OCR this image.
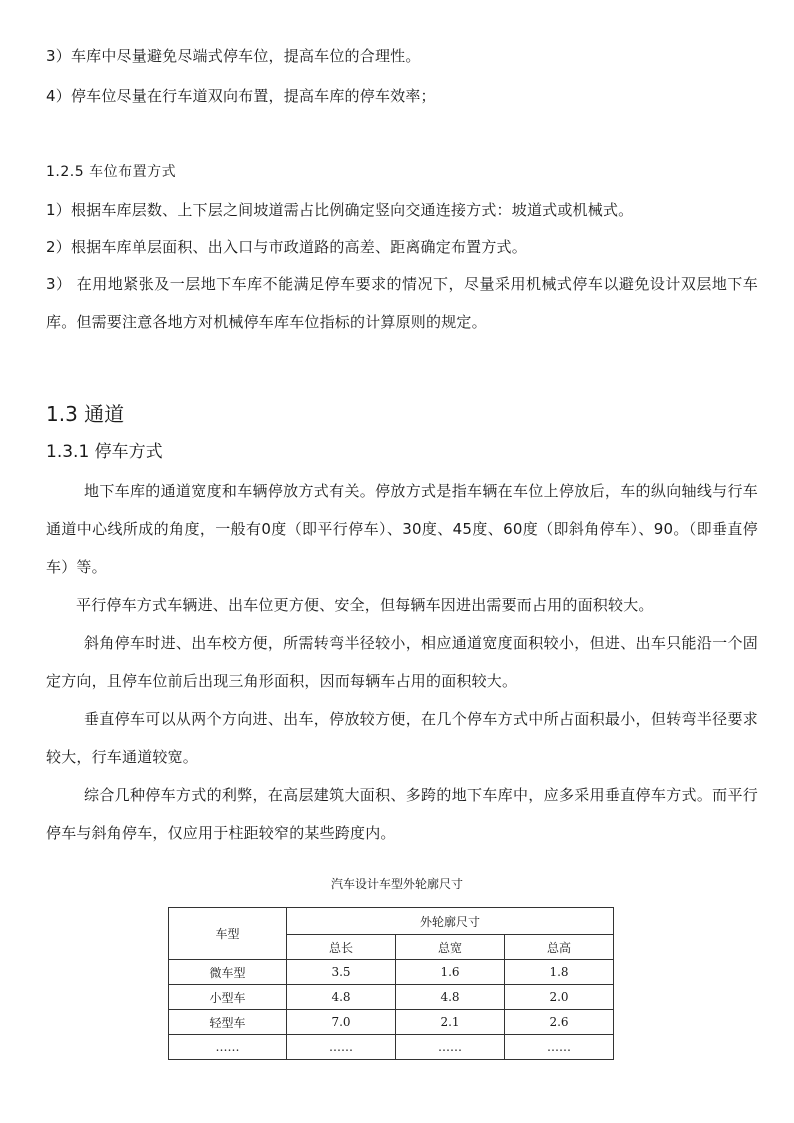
3）车库中尽量避免尽端式停车位，提高车位的合理性。
4）停车位尽量在行车道双向布置，提高车库的停车效率；
1.2.5 车位布置方式
1）根据车库层数、上下层之间坡道需占比例确定竖向交通连接方式：坡道式或机械式。
2）根据车库单层面积、出入口与市政道路的高差、距离确定布置方式。
3） 在用地紧张及一层地下车库不能满足停车要求的情况下，尽量采用机械式停车以避免设计双层地下车库。但需要注意各地方对机械停车库车位指标的计算原则的规定。
1.3 通道
1.3.1 停车方式
地下车库的通道宽度和车辆停放方式有关。停放方式是指车辆在车位上停放后，车的纵向轴线与行车通道中心线所成的角度，一般有0度（即平行停车）、30度、45度、60度（即斜角停车）、90。（即垂直停车）等。
平行停车方式车辆进、出车位更方便、安全，但每辆车因进出需要而占用的面积较大。
斜角停车时进、出车校方便，所需转弯半径较小，相应通道宽度面积较小，但进、出车只能沿一个固定方向，且停车位前后出现三角形面积，因而每辆车占用的面积较大。
垂直停车可以从两个方向进、出车，停放较方便，在几个停车方式中所占面积最小，但转弯半径要求较大，行车通道较宽。
综合几种停车方式的利弊，在高层建筑大面积、多跨的地下车库中，应多采用垂直停车方式。而平行停车与斜角停车，仅应用于柱距较窄的某些跨度内。
汽车设计车型外轮廓尺寸
车型	外轮廓尺寸		
	总长	总宽	总高
微车型	3.5	1.6	1.8
小型车	4.8	4.8	2.0
轻型车	7.0	2.1	2.6
……	……	……	……
